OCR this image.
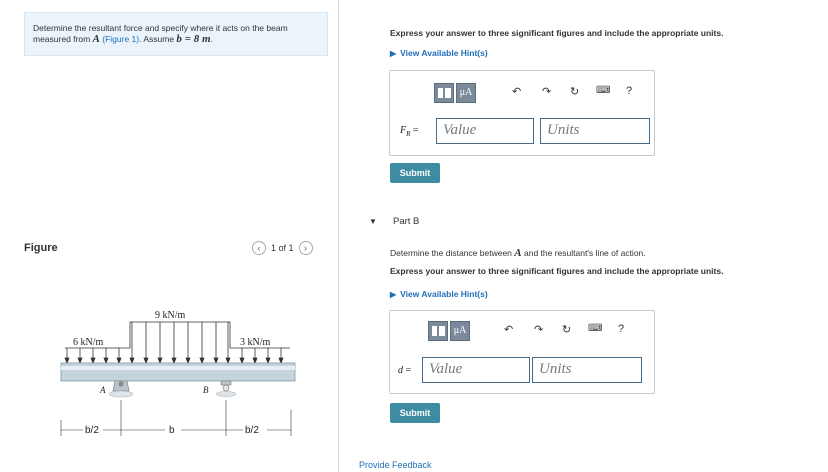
Determine the resultant force and specify where it acts on the beam measured from A (Figure 1). Assume b = 8 m.
Figure	‹	1 of 1	›
6 kN/m
9 kN/m
3 kN/m
A	B
b/2	b	b/2
Express your answer to three significant figures and include the appropriate units.
▶ View Available Hint(s)
μA	↶ ↷ ↻ ⌨ ?
$F_R$ =	Value	Units
Submit
▼ Part B
Determine the distance between A and the resultant's line of action.
Express your answer to three significant figures and include the appropriate units.
▶ View Available Hint(s)
μA	↶ ↷ ↻ ⌨ ?
d =	Value	Units
Submit
Provide Feedback
